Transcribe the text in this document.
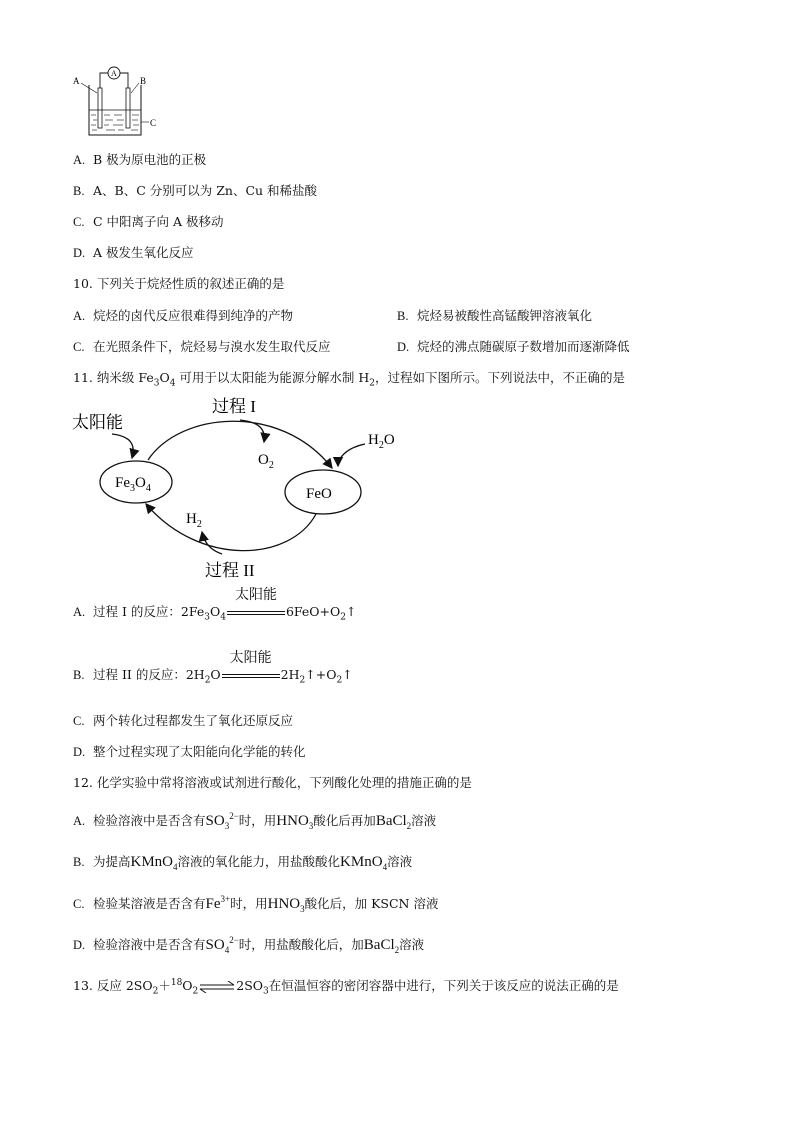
A	B
C
A
A. B 极为原电池的正极
B. A、B、C 分别可以为 Zn、Cu 和稀盐酸
C. C 中阳离子向 A 极移动
D. A 极发生氧化反应
10. 下列关于烷烃性质的叙述正确的是
A. 烷烃的卤代反应很难得到纯净的产物	B. 烷烃易被酸性高锰酸钾溶液氧化
C. 在光照条件下，烷烃易与溴水发生取代反应	D. 烷烃的沸点随碳原子数增加而逐渐降低
11. 纳米级 $Fe_3O_4$ 可用于以太阳能为能源分解水制 $H_2$，过程如下图所示。下列说法中，不正确的是
太阳能
过程 I
过程 II
$Fe_3O_4$	FeO
$O_2$
$H_2O$
$H_2$
A. 过程 I 的反应：$2Fe_3O_4$
太阳能
$6FeO+O_2↑$
B. 过程 II 的反应：$2H_2O$
太阳能
$2H_2↑+O_2↑$
C. 两个转化过程都发生了氧化还原反应
D. 整个过程实现了太阳能向化学能的转化
12. 化学实验中常将溶液或试剂进行酸化，下列酸化处理的措施正确的是
A. 检验溶液中是否含有$SO_3^{2-}$时，用$HNO_3$酸化后再加BaCl$_2$溶液
B. 为提高KMnO$_4$溶液的氧化能力，用盐酸酸化KMnO$_4$溶液
C. 检验某溶液是否含有$Fe^{3+}$时，用$HNO_3$酸化后，加 KSCN 溶液
D. 检验溶液中是否含有$SO_4^{2-}$时，用盐酸酸化后，加BaCl$_2$溶液
13. 反应 $2SO_2+^{18}O_2\rightleftharpoons 2SO_3$在恒温恒容的密闭容器中进行，下列关于该反应的说法正确的是
